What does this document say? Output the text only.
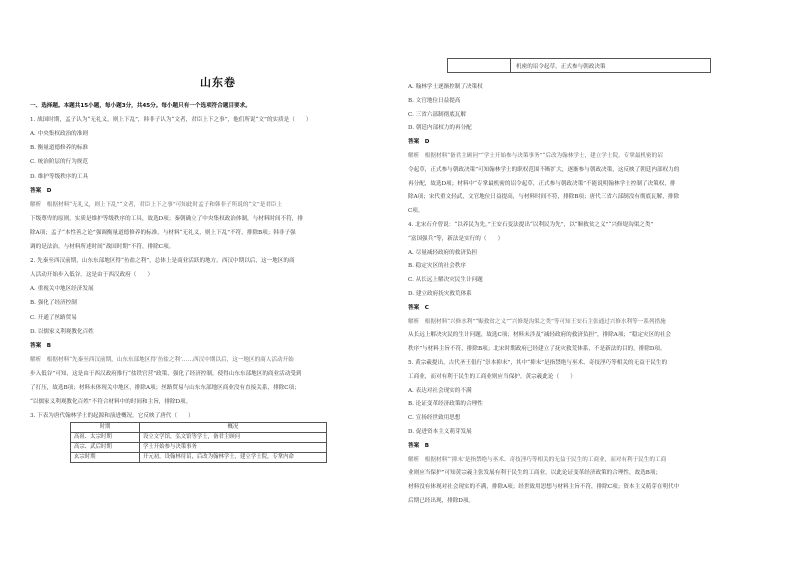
山东卷
一、选择题。本题共15小题，每小题3分，共45分。每小题只有一个选项符合题目要求。
1. 战国时期，孟子认为“无礼义，则上下乱”，韩非子认为“文者，君臣上下之事”，他们所说“文”的实质是（　　）
A. 中央集权政治的准则
B. 衡量道德修养的标准
C. 统治阶层的行为规范
D. 维护等级秩序的工具
答案　D
解析　根据材料“无礼义，则上下乱”“文者，君臣上下之事”可知此时孟子和韩非子所说的“文”是君臣上
下级尊卑的原则，实质是维护等级秩序的工具，故选D项；秦朝确立了中央集权政治体制，与材料时间不符，排
除A项；孟子“本性善之论”强调衡量道德修养的标准，与材料“无礼义，则上下乱”不符，排除B项；韩非子强
调的是法治，与材料所述时间“战国时期”不符，排除C项。
2. 先秦至西汉前期，山东东部地区得“鱼盐之利”，总体上是商业活跃的地方。西汉中期以后，这一地区的商
人活动开始步入低谷。这是由于西汉政府（　　）
A. 重视关中地区经济发展
B. 强化了经济控制
C. 开通了丝路贸易
D. 以儒家义利观教化百姓
答案　B
解析　根据材料“先秦至西汉前期，山东东部地区得‘鱼盐之利’……西汉中期以后，这一地区的商人活动开始
步入低谷”可知，这是由于西汉政府推行“盐铁官营”政策，强化了经济控制，使得山东东部地区的商业活动受到
了打压，故选B项；材料未体现关中地区，排除A项；丝路贸易与山东东部地区商业没有直接关系，排除C项；
“以儒家义利观教化百姓”不符合材料中的时间和主旨，排除D项。
3. 下表为唐代翰林学士的起源和演进概况。它反映了唐代（　　）
时期	概况
高祖、太宗时期	设立文学馆，弘文馆等学士，备君主顾问
高宗、武后时期	学士开始参与决策事务
玄宗时期	开元初，设翰林待诏，后改为翰林学士，建立学士院，专掌内命
机密的诏令起草，正式参与朝政决策
A. 翰林学士逐渐控制了决策权
B. 文官地位日益提高
C. 三省六部制彻底瓦解
D. 朝廷内部权力的再分配
答案　D
解析　根据材料“备君主顾问”“学士开始参与决策事务”“后改为翰林学士，建立学士院，专掌最机密的诏
令起草，正式参与朝政决策”可知翰林学士的职权范围不断扩大，逐渐参与朝政决策，这反映了朝廷内部权力的
再分配，故选D项；材料中“专掌最机密的诏令起草，正式参与朝政决策”不能说明翰林学士控制了决策权，排
除A项；宋代重文轻武，文官地位日益提高，与材料时间不符，排除B项；唐代三省六部制没有彻底瓦解，排除
C项。
4. 北宋石介曾说：“以养民为先。”王安石变法提出“以利民为先”，以“顺救贫之义”“兴修堤沟渠之类”
“富国强兵”等，新法是实行的（　　）
A. 尽量减轻政府的救济负担
B. 稳定灾区的社会秩序
C. 从长远上解决灾民生计问题
D. 建立政府抚灾救荒体系
答案　C
解析　根据材料“兴修水利”“赈救贫之义”“兴修堤沟渠之类”等可知王安石主张通过兴修水利等一系列措施
从长远上解决灾民的生计问题，故选C项；材料未涉及“减轻政府的救济负担”，排除A项；“稳定灾区的社会
秩序”与材料主旨不符，排除B项；北宋时期政府已经建立了抚灾救荒体系，不是新法的目的，排除D项。
5. 黄宗羲提出，古代圣王倡行“崇本抑末”，其中“抑末”是指禁绝与巫术、奇技淫巧等相关的无益于民生的
工商业，而对有利于民生的工商业则应当保护。黄宗羲此论（　　）
A. 表达对社会现实的不满
B. 论证变革经济政策的合理性
C. 宣扬经世致用思想
D. 促进资本主义萌芽发展
答案　B
解析　根据材料“‘抑末’是指禁绝与巫术、奇技淫巧等相关的无益于民生的工商业，而对有利于民生的工商
业则应当保护”可知黄宗羲主张发展有利于民生的工商业，以此论证变革经济政策的合理性，故选B项；
材料没有体现对社会现实的不满，排除A项；经世致用思想与材料主旨不符，排除C项；资本主义萌芽在明代中
后期已经出现，排除D项。
